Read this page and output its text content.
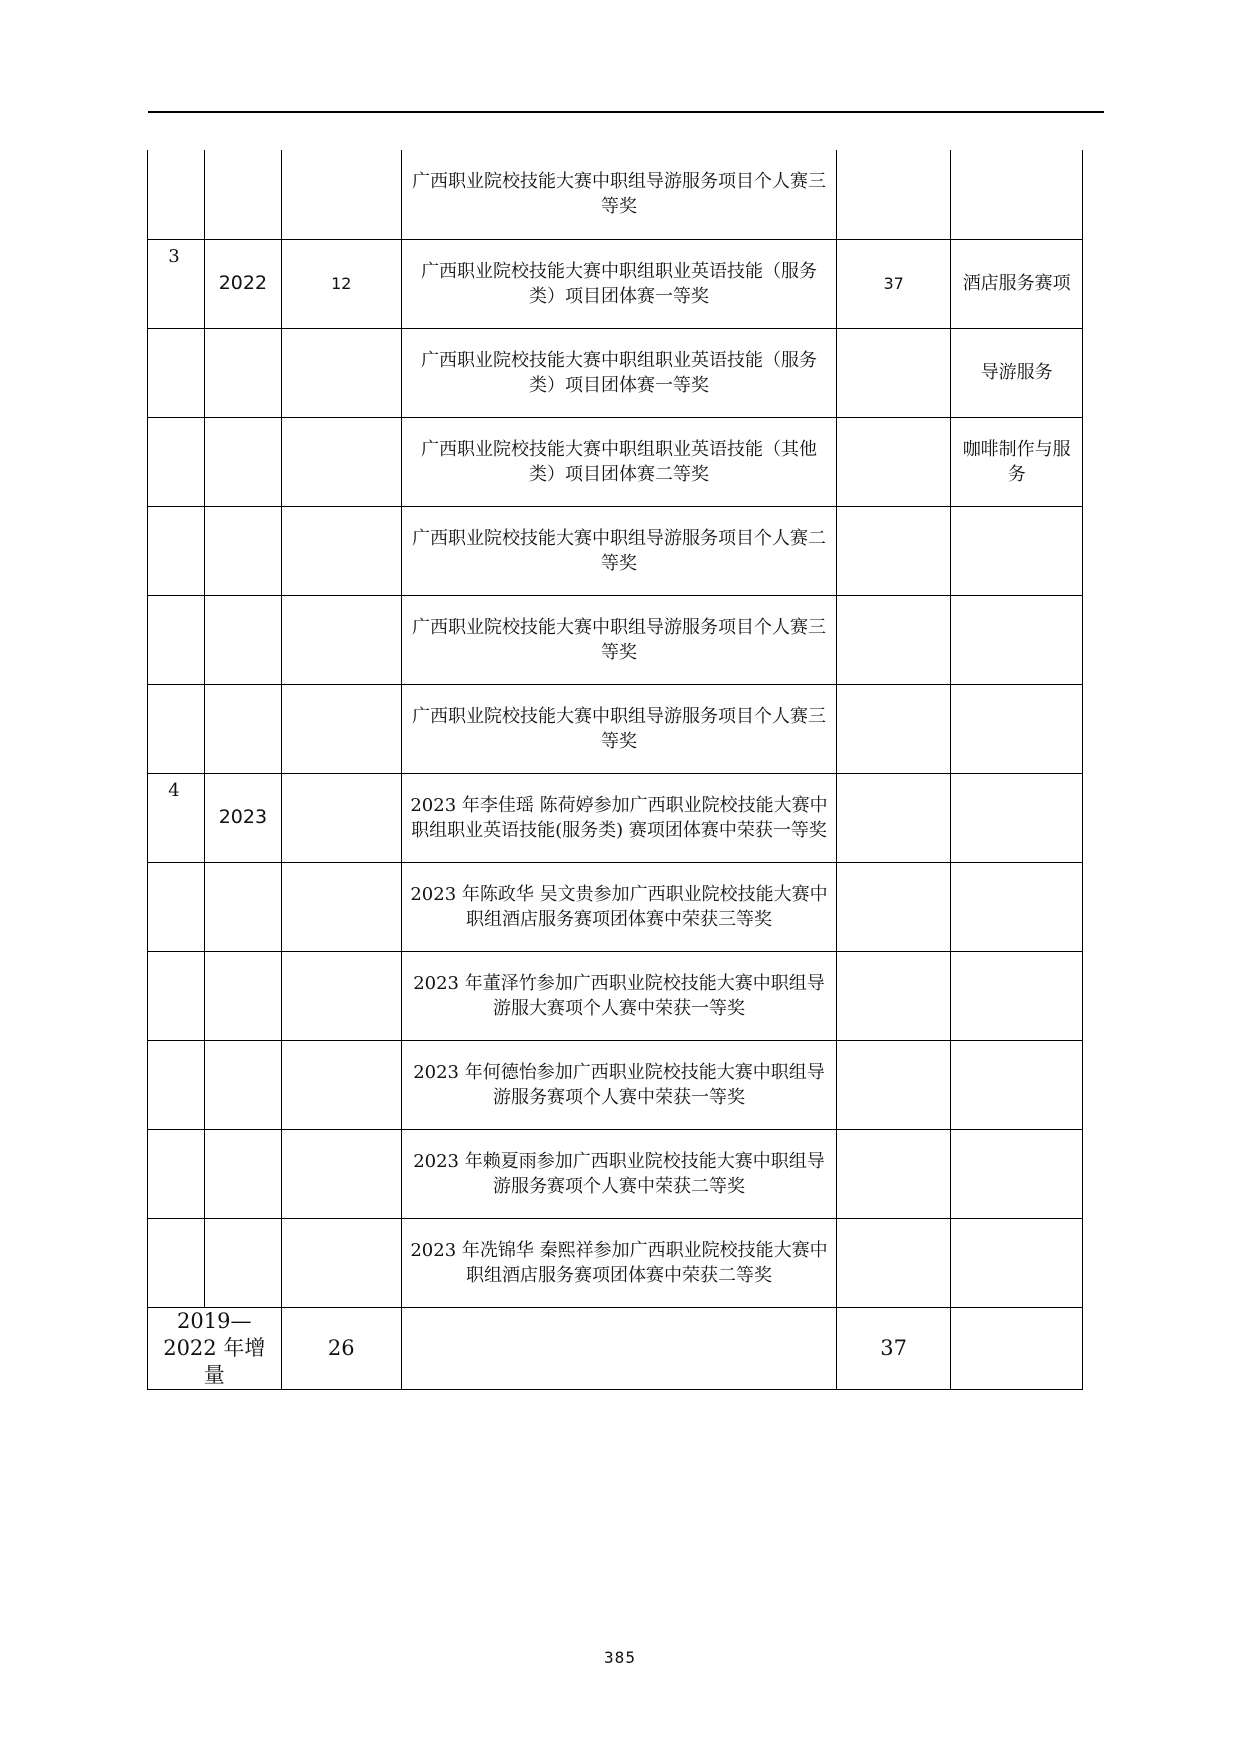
			广西职业院校技能大赛中职组导游服务项目个人赛三等奖		

3	2022	12	广西职业院校技能大赛中职组职业英语技能（服务类）项目团体赛一等奖	37	酒店服务赛项

			广西职业院校技能大赛中职组职业英语技能（服务类）项目团体赛一等奖		导游服务

			广西职业院校技能大赛中职组职业英语技能（其他类）项目团体赛二等奖		咖啡制作与服务

			广西职业院校技能大赛中职组导游服务项目个人赛二等奖		

			广西职业院校技能大赛中职组导游服务项目个人赛三等奖		

			广西职业院校技能大赛中职组导游服务项目个人赛三等奖		

4	2023		2023 年李佳瑶 陈荷婷参加广西职业院校技能大赛中职组职业英语技能(服务类) 赛项团体赛中荣获一等奖		

			2023 年陈政华 吴文贵参加广西职业院校技能大赛中职组酒店服务赛项团体赛中荣获三等奖		

			2023 年董泽竹参加广西职业院校技能大赛中职组导游服大赛项个人赛中荣获一等奖		

			2023 年何德怡参加广西职业院校技能大赛中职组导游服务赛项个人赛中荣获一等奖		

			2023 年赖夏雨参加广西职业院校技能大赛中职组导游服务赛项个人赛中荣获二等奖		

			2023 年冼锦华 秦熙祥参加广西职业院校技能大赛中职组酒店服务赛项团体赛中荣获二等奖		
2019—2022 年增量		26		37	
385
